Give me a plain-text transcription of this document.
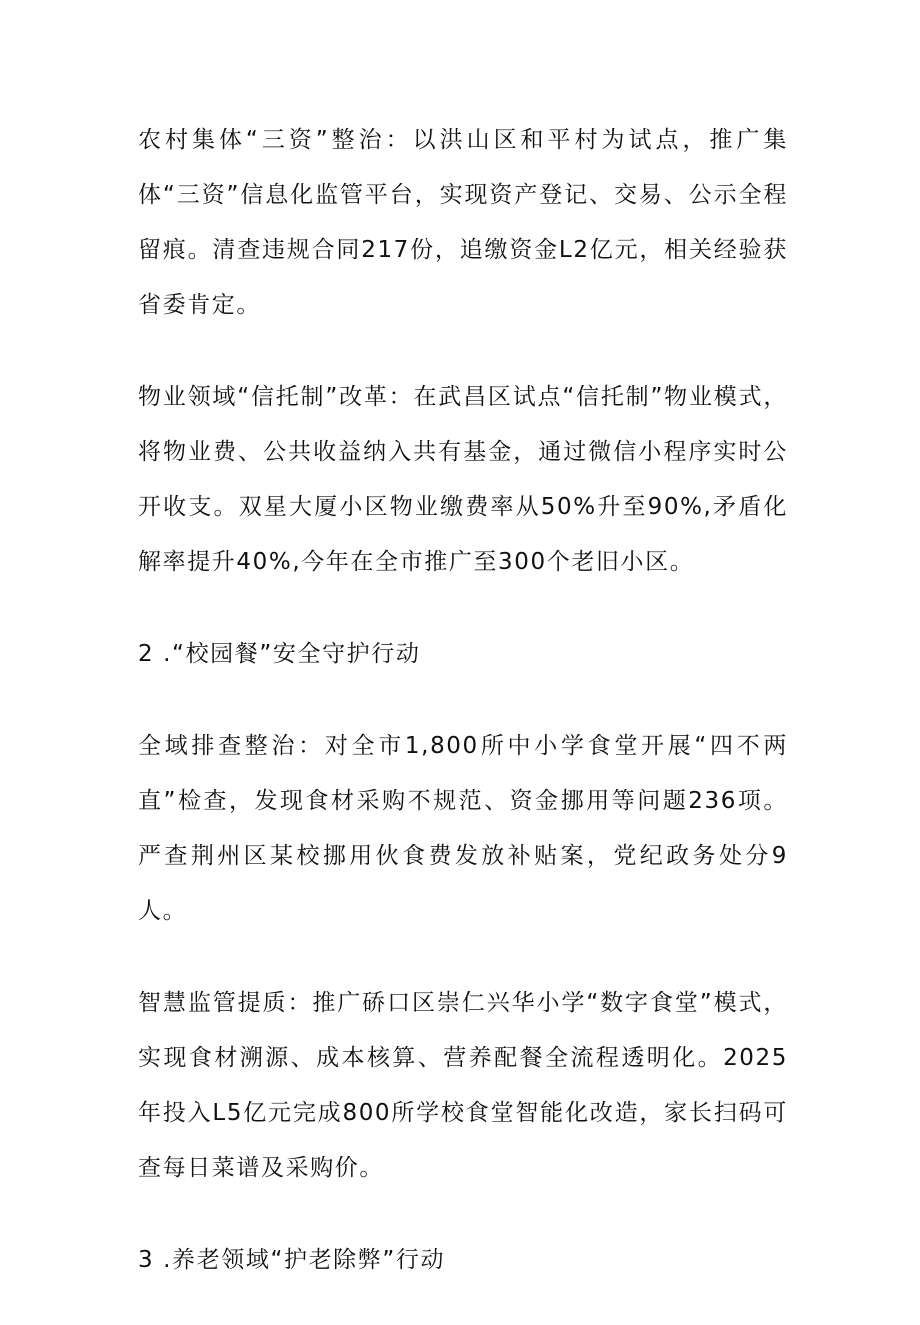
农村集体“三资”整治：以洪山区和平村为试点，推广集体“三资”信息化监管平台，实现资产登记、交易、公示全程留痕。清查违规合同217份，追缴资金L2亿元，相关经验获省委肯定。

物业领域“信托制”改革：在武昌区试点“信托制”物业模式，将物业费、公共收益纳入共有基金，通过微信小程序实时公开收支。双星大厦小区物业缴费率从50%升至90%,矛盾化解率提升40%,今年在全市推广至300个老旧小区。

2 .“校园餐”安全守护行动

全域排查整治：对全市1,800所中小学食堂开展“四不两直”检查，发现食材采购不规范、资金挪用等问题236项。严查荆州区某校挪用伙食费发放补贴案，党纪政务处分9人。

智慧监管提质：推广硚口区崇仁兴华小学“数字食堂”模式，实现食材溯源、成本核算、营养配餐全流程透明化。2025年投入L5亿元完成800所学校食堂智能化改造，家长扫码可查每日菜谱及采购价。

3 .养老领域“护老除弊”行动
